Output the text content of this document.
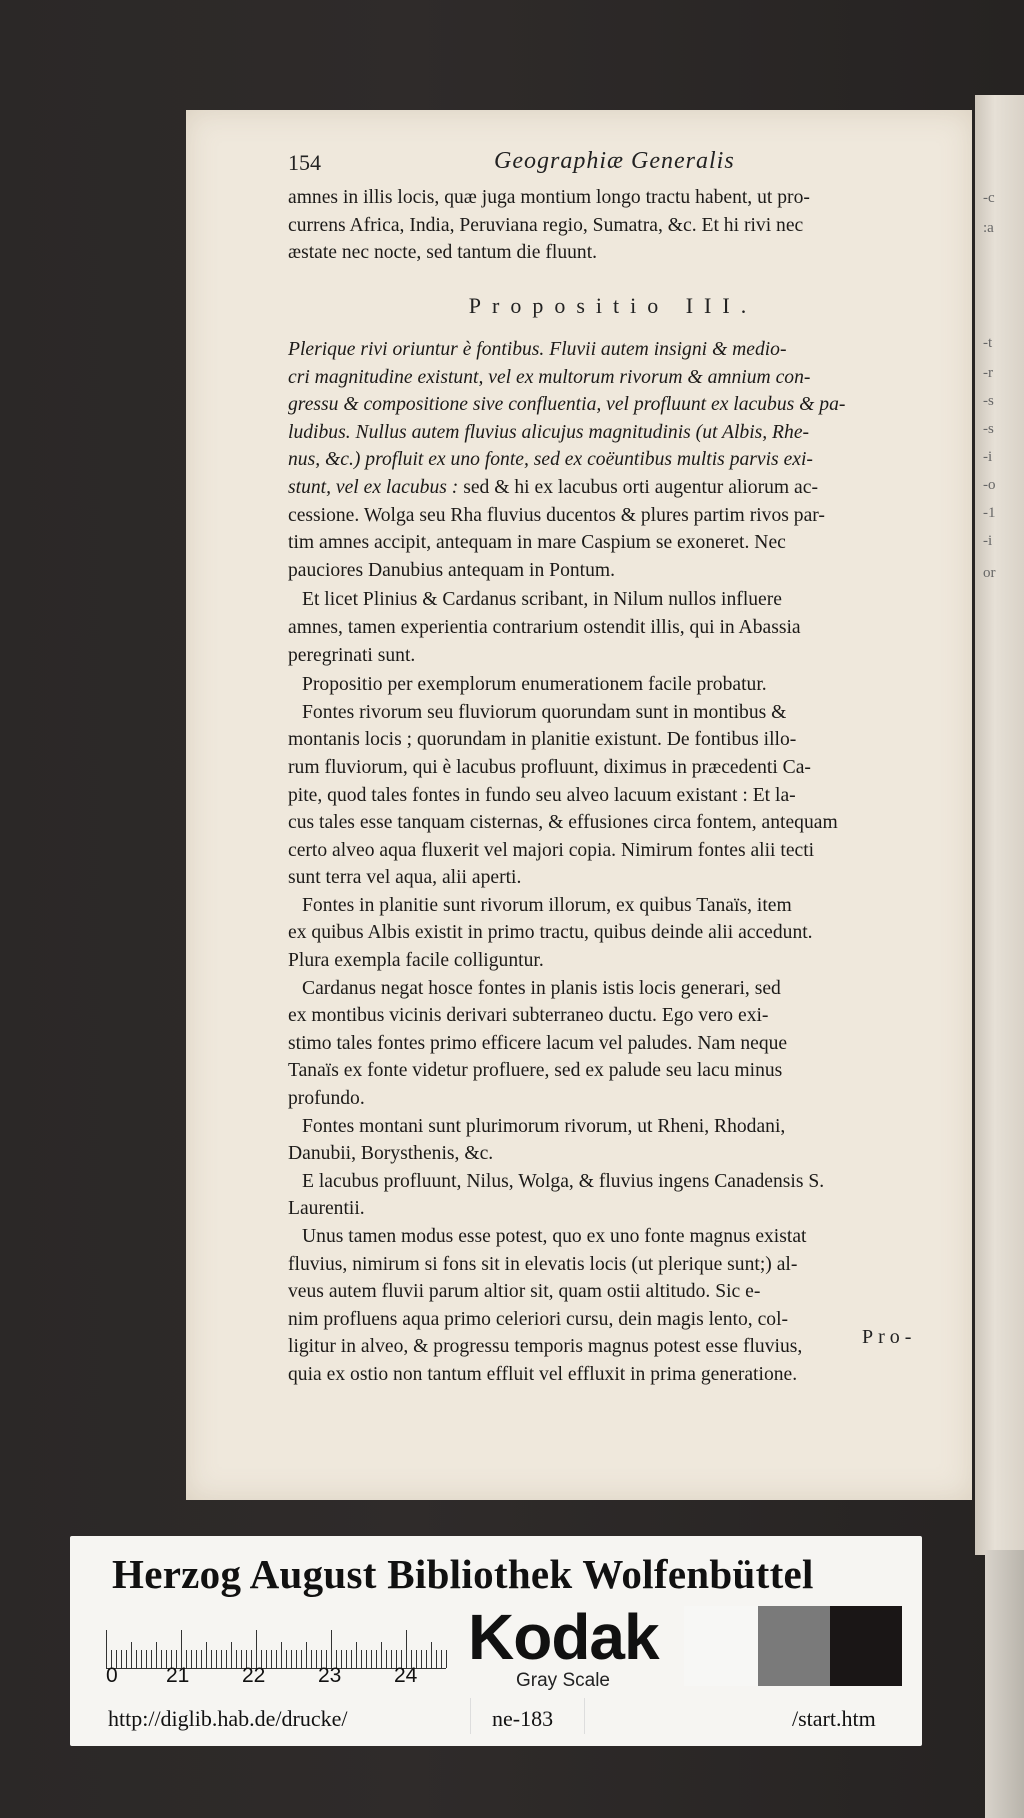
-c
:a
-t
-r
-s
-s
-i
-o
-1
-i
or
154	Geographiæ Generalis

amnes in illis locis, quæ juga montium longo tractu habent, ut pro-

currens Africa, India, Peruviana regio, Sumatra, &c. Et hi rivi nec

æstate nec nocte, sed tantum die fluunt.

Propositio III.

Plerique rivi oriuntur è fontibus. Fluvii autem insigni & medio-

cri magnitudine existunt, vel ex multorum rivorum & amnium con-

gressu & compositione sive confluentia, vel profluunt ex lacubus & pa-

ludibus. Nullus autem fluvius alicujus magnitudinis (ut Albis, Rhe-

nus, &c.) profluit ex uno fonte, sed ex coëuntibus multis parvis exi-

stunt, vel ex lacubus : sed & hi ex lacubus orti augentur aliorum ac-

cessione. Wolga seu Rha fluvius ducentos & plures partim rivos par-

tim amnes accipit, antequam in mare Caspium se exoneret. Nec

pauciores Danubius antequam in Pontum.

Et licet Plinius & Cardanus scribant, in Nilum nullos influere

amnes, tamen experientia contrarium ostendit illis, qui in Abassia

peregrinati sunt.

Propositio per exemplorum enumerationem facile probatur.

Fontes rivorum seu fluviorum quorundam sunt in montibus &

montanis locis ; quorundam in planitie existunt. De fontibus illo-

rum fluviorum, qui è lacubus profluunt, diximus in præcedenti Ca-

pite, quod tales fontes in fundo seu alveo lacuum existant : Et la-

cus tales esse tanquam cisternas, & effusiones circa fontem, antequam

certo alveo aqua fluxerit vel majori copia. Nimirum fontes alii tecti

sunt terra vel aqua, alii aperti.

Fontes in planitie sunt rivorum illorum, ex quibus Tanaïs, item

ex quibus Albis existit in primo tractu, quibus deinde alii accedunt.

Plura exempla facile colliguntur.

Cardanus negat hosce fontes in planis istis locis generari, sed

ex montibus vicinis derivari subterraneo ductu. Ego vero exi-

stimo tales fontes primo efficere lacum vel paludes. Nam neque

Tanaïs ex fonte videtur profluere, sed ex palude seu lacu minus

profundo.

Fontes montani sunt plurimorum rivorum, ut Rheni, Rhodani,

Danubii, Borysthenis, &c.

E lacubus profluunt, Nilus, Wolga, & fluvius ingens Canadensis S.

Laurentii.

Unus tamen modus esse potest, quo ex uno fonte magnus existat

fluvius, nimirum si fons sit in elevatis locis (ut plerique sunt;) al-

veus autem fluvii parum altior sit, quam ostii altitudo. Sic e-

nim profluens aqua primo celeriori cursu, dein magis lento, col-

ligitur in alveo, & progressu temporis magnus potest esse fluvius,

quia ex ostio non tantum effluit vel effluxit in prima generatione.

Pro-
Herzog August Bibliothek Wolfenbüttel
0 21	22	23	24
Kodak
Gray Scale
http://diglib.hab.de/drucke/	ne-183	/start.htm
